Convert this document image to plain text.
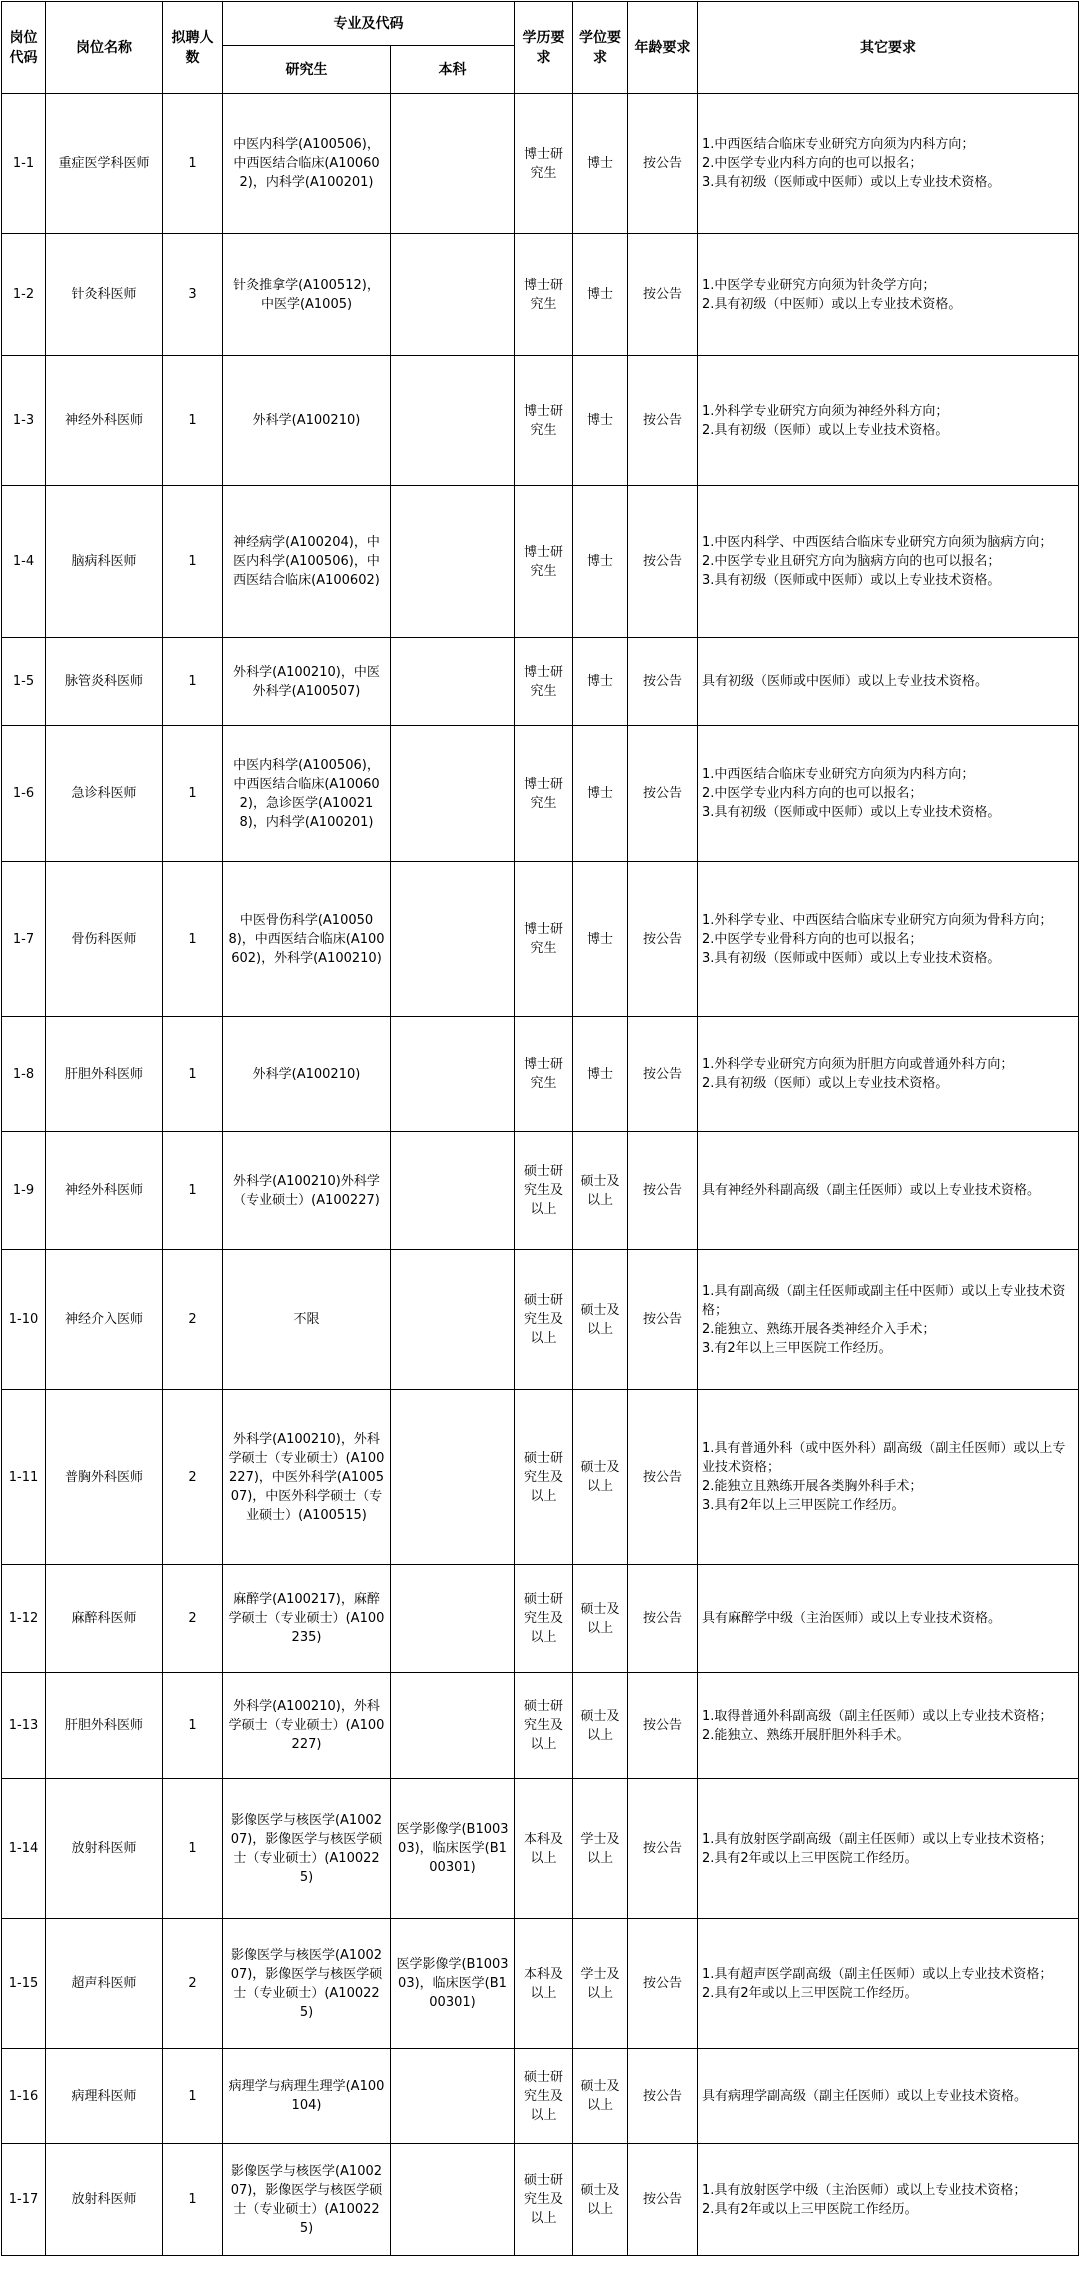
岗位代码	岗位名称	拟聘人数	专业及代码		学历要求	学位要求	年龄要求	其它要求
			研究生	本科				
1-1	重症医学科医师	1	中医内科学(A100506)，中西医结合临床(A100602)，内科学(A100201)		博士研究生	博士	按公告	1.中西医结合临床专业研究方向须为内科方向；
2.中医学专业内科方向的也可以报名；
3.具有初级（医师或中医师）或以上专业技术资格。

1-2	针灸科医师	3	针灸推拿学(A100512)，中医学(A1005)		博士研究生	博士	按公告	1.中医学专业研究方向须为针灸学方向；
2.具有初级（中医师）或以上专业技术资格。

1-3	神经外科医师	1	外科学(A100210)		博士研究生	博士	按公告	1.外科学专业研究方向须为神经外科方向；
2.具有初级（医师）或以上专业技术资格。

1-4	脑病科医师	1	神经病学(A100204)，中医内科学(A100506)，中西医结合临床(A100602)		博士研究生	博士	按公告	1.中医内科学、中西医结合临床专业研究方向须为脑病方向；
2.中医学专业且研究方向为脑病方向的也可以报名；
3.具有初级（医师或中医师）或以上专业技术资格。

1-5	脉管炎科医师	1	外科学(A100210)，中医外科学(A100507)		博士研究生	博士	按公告	具有初级（医师或中医师）或以上专业技术资格。

1-6	急诊科医师	1	中医内科学(A100506)，中西医结合临床(A100602)，急诊医学(A100218)，内科学(A100201)		博士研究生	博士	按公告	1.中西医结合临床专业研究方向须为内科方向；
2.中医学专业内科方向的也可以报名；
3.具有初级（医师或中医师）或以上专业技术资格。

1-7	骨伤科医师	1	中医骨伤科学(A100508)，中西医结合临床(A100602)，外科学(A100210)		博士研究生	博士	按公告	1.外科学专业、中西医结合临床专业研究方向须为骨科方向；
2.中医学专业骨科方向的也可以报名；
3.具有初级（医师或中医师）或以上专业技术资格。

1-8	肝胆外科医师	1	外科学(A100210)		博士研究生	博士	按公告	1.外科学专业研究方向须为肝胆方向或普通外科方向；
2.具有初级（医师）或以上专业技术资格。

1-9	神经外科医师	1	外科学(A100210)外科学（专业硕士）(A100227)		硕士研究生及以上	硕士及以上	按公告	具有神经外科副高级（副主任医师）或以上专业技术资格。

1-10	神经介入医师	2	不限		硕士研究生及以上	硕士及以上	按公告	1.具有副高级（副主任医师或副主任中医师）或以上专业技术资格；
2.能独立、熟练开展各类神经介入手术；
3.有2年以上三甲医院工作经历。

1-11	普胸外科医师	2	外科学(A100210)，外科学硕士（专业硕士）(A100227)，中医外科学(A100507)，中医外科学硕士（专业硕士）(A100515)		硕士研究生及以上	硕士及以上	按公告	1.具有普通外科（或中医外科）副高级（副主任医师）或以上专业技术资格；
2.能独立且熟练开展各类胸外科手术；
3.具有2年以上三甲医院工作经历。

1-12	麻醉科医师	2	麻醉学(A100217)，麻醉学硕士（专业硕士）(A100235)		硕士研究生及以上	硕士及以上	按公告	具有麻醉学中级（主治医师）或以上专业技术资格。

1-13	肝胆外科医师	1	外科学(A100210)，外科学硕士（专业硕士）(A100227)		硕士研究生及以上	硕士及以上	按公告	1.取得普通外科副高级（副主任医师）或以上专业技术资格；
2.能独立、熟练开展肝胆外科手术。

1-14	放射科医师	1	影像医学与核医学(A100207)，影像医学与核医学硕士（专业硕士）(A100225)	医学影像学(B100303)，临床医学(B100301)	本科及以上	学士及以上	按公告	1.具有放射医学副高级（副主任医师）或以上专业技术资格；
2.具有2年或以上三甲医院工作经历。

1-15	超声科医师	2	影像医学与核医学(A100207)，影像医学与核医学硕士（专业硕士）(A100225)	医学影像学(B100303)，临床医学(B100301)	本科及以上	学士及以上	按公告	1.具有超声医学副高级（副主任医师）或以上专业技术资格；
2.具有2年或以上三甲医院工作经历。

1-16	病理科医师	1	病理学与病理生理学(A100104)		硕士研究生及以上	硕士及以上	按公告	具有病理学副高级（副主任医师）或以上专业技术资格。

1-17	放射科医师	1	影像医学与核医学(A100207)，影像医学与核医学硕士（专业硕士）(A100225)		硕士研究生及以上	硕士及以上	按公告	1.具有放射医学中级（主治医师）或以上专业技术资格；
2.具有2年或以上三甲医院工作经历。
